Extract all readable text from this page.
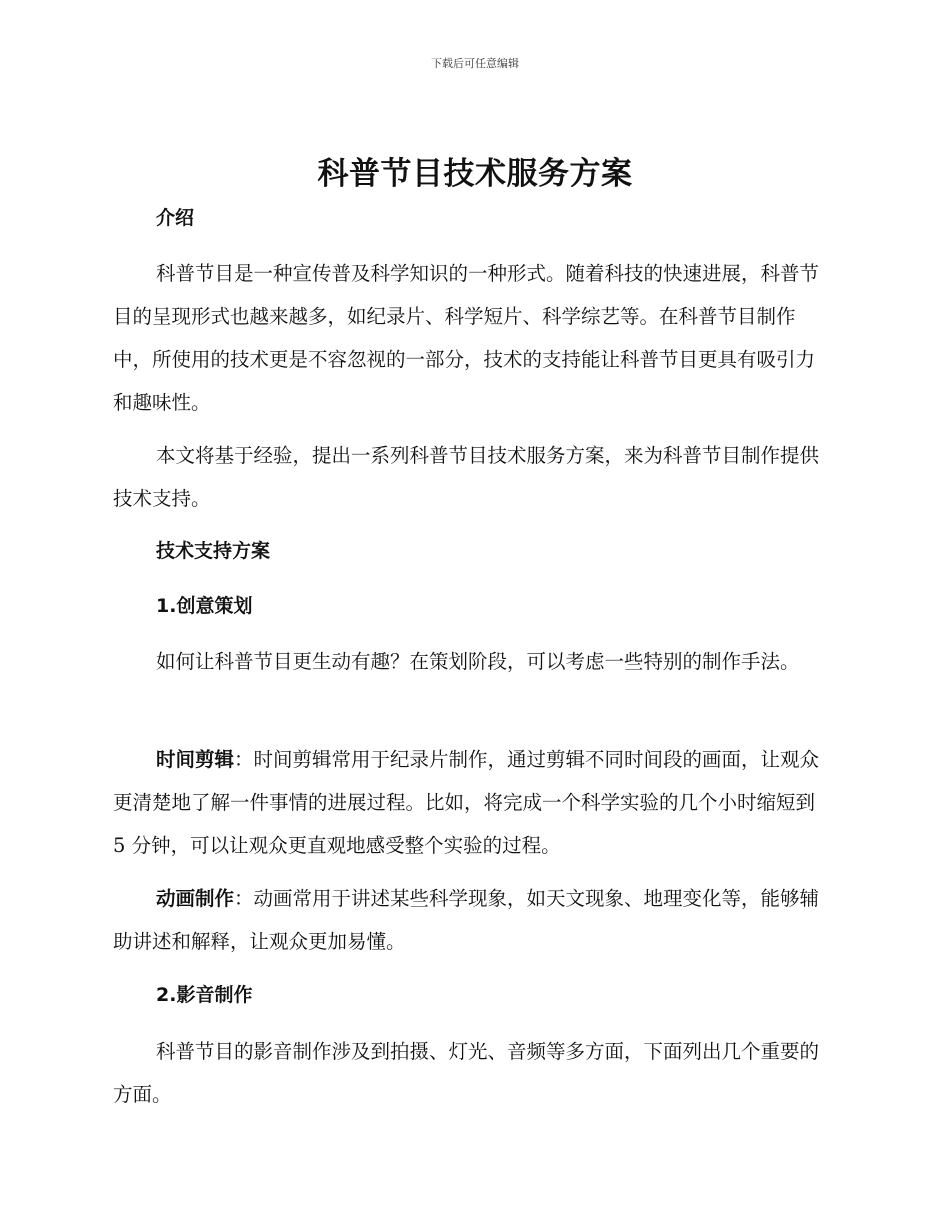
下载后可任意编辑
科普节目技术服务方案

介绍

科普节目是一种宣传普及科学知识的一种形式。随着科技的快速进展，科普节目的呈现形式也越来越多，如纪录片、科学短片、科学综艺等。在科普节目制作中，所使用的技术更是不容忽视的一部分，技术的支持能让科普节目更具有吸引力和趣味性。

本文将基于经验，提出一系列科普节目技术服务方案，来为科普节目制作提供技术支持。

技术支持方案

1.创意策划

如何让科普节目更生动有趣？在策划阶段，可以考虑一些特别的制作手法。

时间剪辑：时间剪辑常用于纪录片制作，通过剪辑不同时间段的画面，让观众更清楚地了解一件事情的进展过程。比如，将完成一个科学实验的几个小时缩短到 5 分钟，可以让观众更直观地感受整个实验的过程。

动画制作：动画常用于讲述某些科学现象，如天文现象、地理变化等，能够辅助讲述和解释，让观众更加易懂。

2.影音制作

科普节目的影音制作涉及到拍摄、灯光、音频等多方面，下面列出几个重要的方面。
